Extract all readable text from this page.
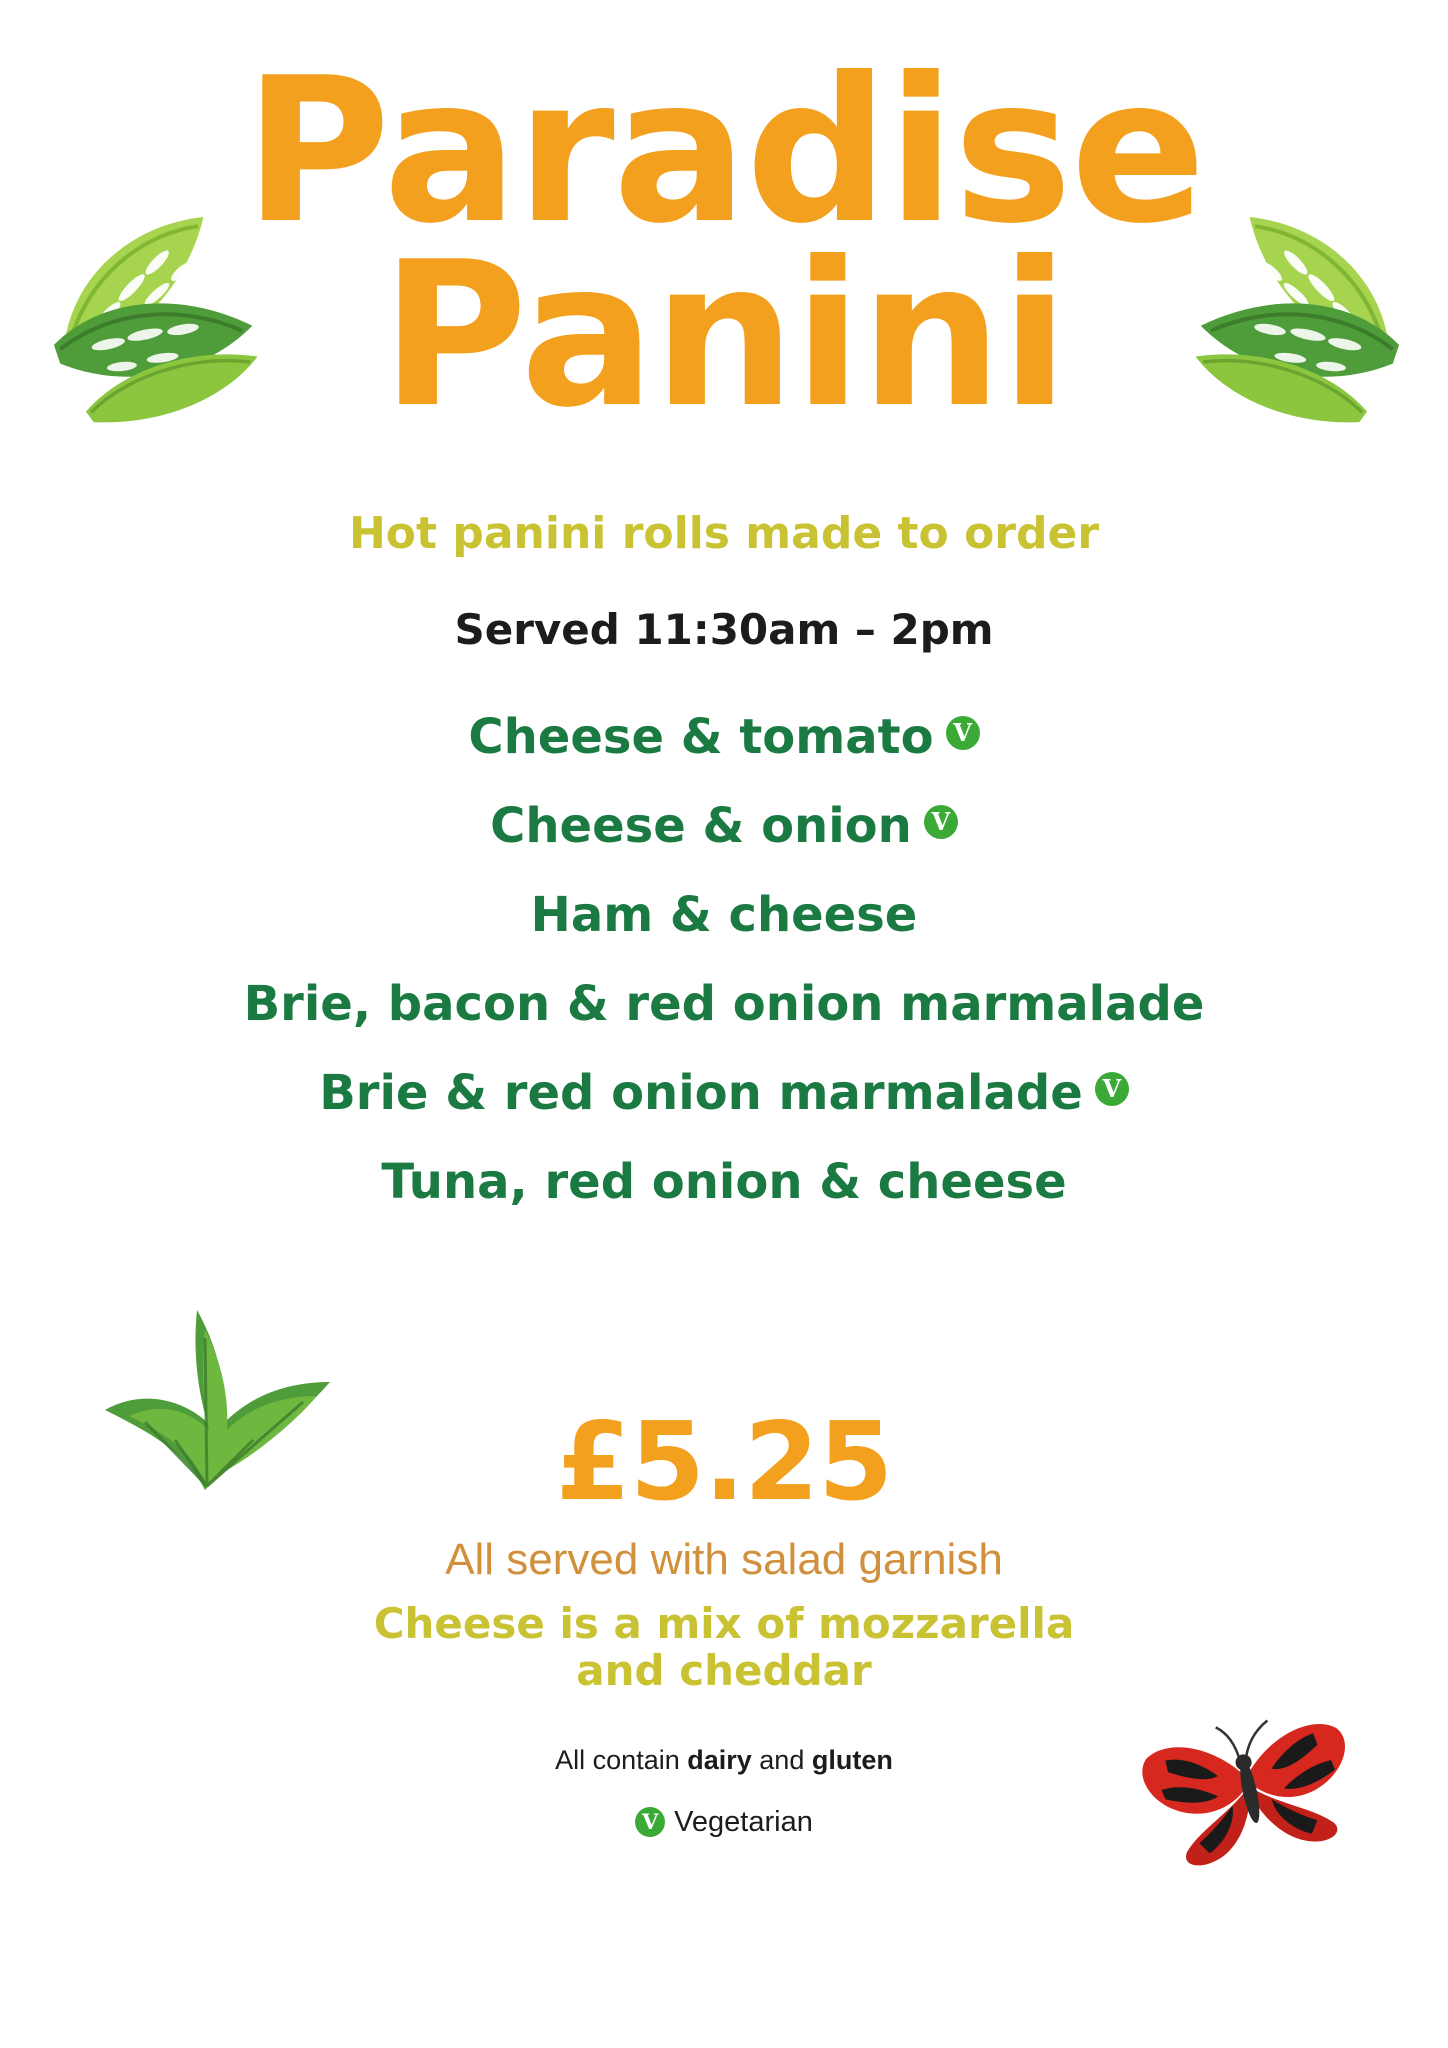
Paradise
Panini
Hot panini rolls made to order
Served 11:30am – 2pm
Cheese & tomato V
Cheese & onion V
Ham & cheese
Brie, bacon & red onion marmalade
Brie & red onion marmalade V
Tuna, red onion & cheese
£5.25
All served with salad garnish
Cheese is a mix of mozzarella
and cheddar
All contain dairy and gluten
V Vegetarian
